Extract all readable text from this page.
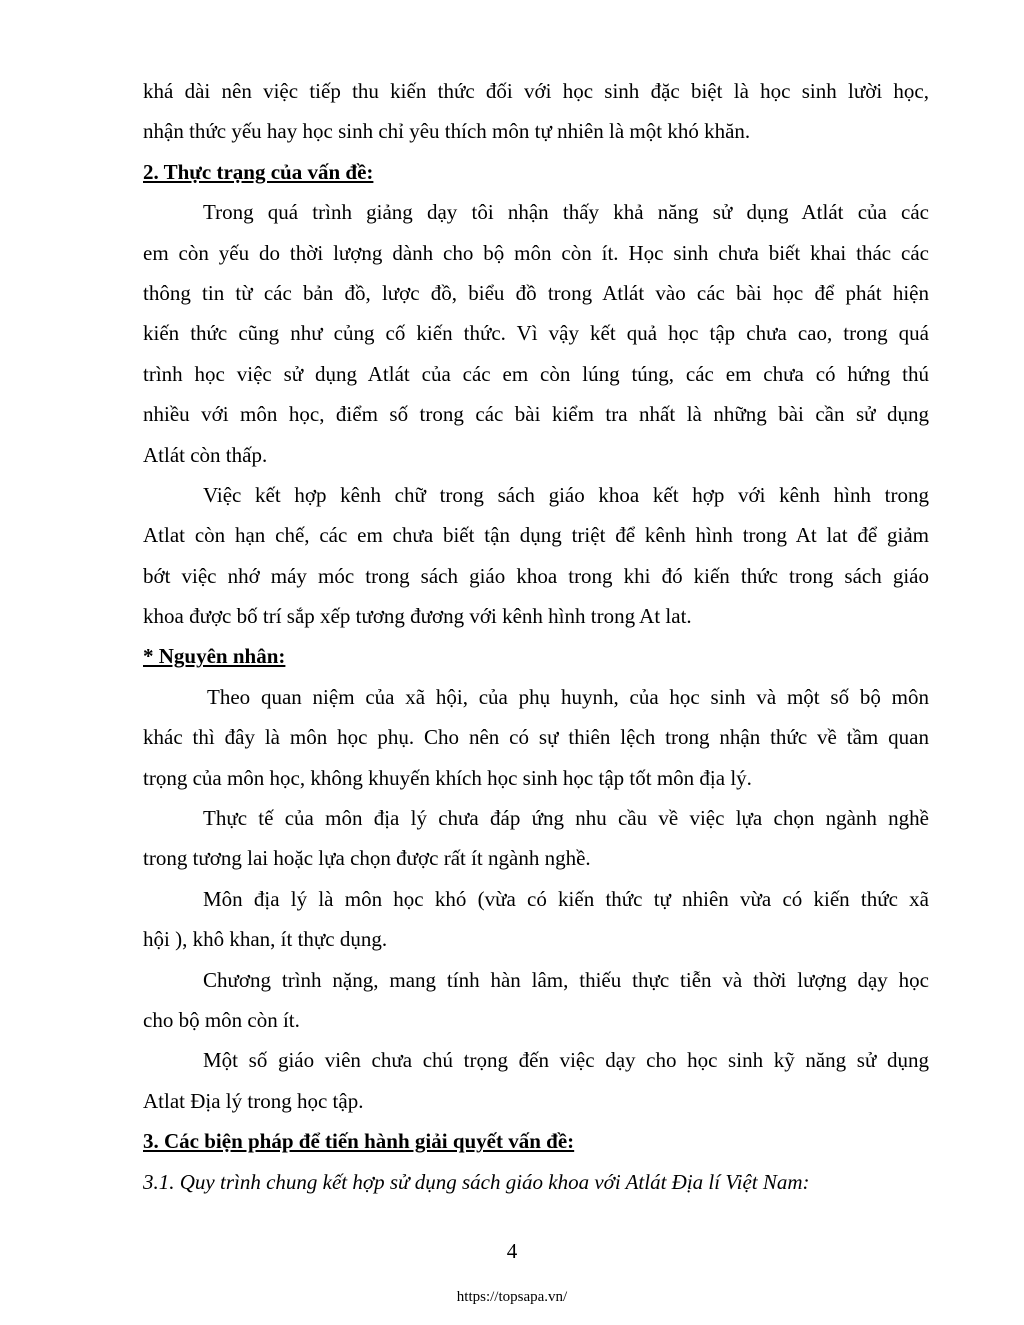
khá dài nên việc tiếp thu kiến thức đối với học sinh đặc biệt là học sinh lười học,
nhận thức yếu hay học sinh chỉ yêu thích môn tự nhiên là một khó khăn.
2. Thực trạng của vấn đề:
Trong quá trình giảng dạy tôi nhận thấy khả năng sử dụng Atlát của các
em còn yếu do thời lượng dành cho bộ môn còn ít. Học sinh chưa biết khai thác các
thông tin từ các bản đồ, lược đồ, biểu đồ trong Atlát vào các bài học để phát hiện
kiến thức cũng như củng cố kiến thức. Vì vậy kết quả học tập chưa cao, trong quá
trình học việc sử dụng Atlát của các em còn lúng túng, các em chưa có hứng thú
nhiều với môn học, điểm số trong các bài kiểm tra nhất là những bài cần sử dụng
Atlát còn thấp.
Việc kết hợp kênh chữ trong sách giáo khoa kết hợp với kênh hình trong
Atlat còn hạn chế, các em chưa biết tận dụng triệt để kênh hình trong At lat để giảm
bớt việc nhớ máy móc trong sách giáo khoa trong khi đó kiến thức trong sách giáo
khoa được bố trí sắp xếp tương đương với kênh hình trong At lat.
* Nguyên nhân:
Theo quan niệm của xã hội, của phụ huynh, của học sinh và một số bộ môn
khác thì đây là môn học phụ. Cho nên có sự thiên lệch trong nhận thức về tầm quan
trọng của môn học, không khuyến khích học sinh học tập tốt môn địa lý.
Thực tế của môn địa lý chưa đáp ứng nhu cầu về việc lựa chọn ngành nghề
trong tương lai hoặc lựa chọn được rất ít ngành nghề.
Môn địa lý là môn học khó (vừa có kiến thức tự nhiên vừa có kiến thức xã
hội ), khô khan, ít thực dụng.
Chương trình nặng, mang tính hàn lâm, thiếu thực tiễn và thời lượng dạy học
cho bộ môn còn ít.
Một số giáo viên chưa chú trọng đến việc dạy cho học sinh kỹ năng sử dụng
Atlat Địa lý trong học tập.
3. Các biện pháp để tiến hành giải quyết vấn đề:
3.1. Quy trình chung kết hợp sử dụng sách giáo khoa với Atlát Địa lí Việt Nam:
4
https://topsapa.vn/
